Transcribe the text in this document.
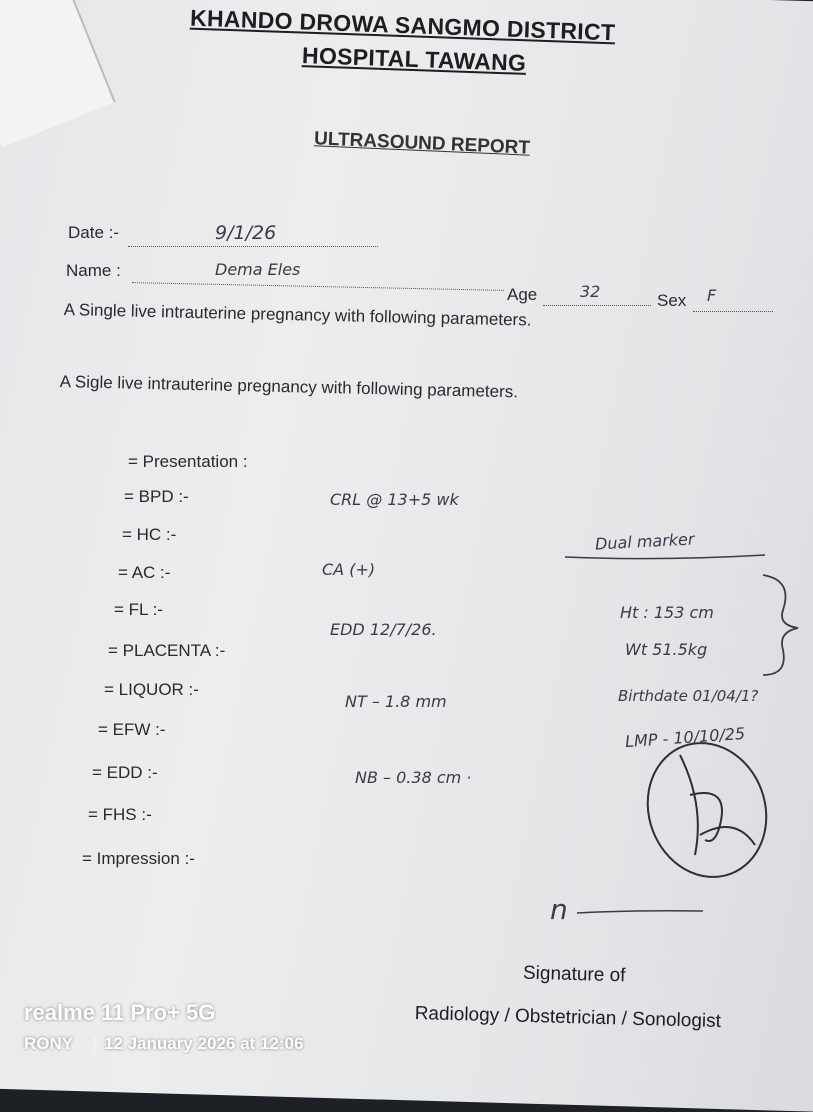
KHANDO DROWA SANGMO DISTRICT
HOSPITAL TAWANG
ULTRASOUND REPORT
Date :-	9/1/26
Name :	Dema Eles
Age	32	Sex F
A Single live intrauterine pregnancy with following parameters.
A Sigle live intrauterine pregnancy with following parameters.
= Presentation :
= BPD :-
= HC :-
= AC :-
= FL :-
= PLACENTA :-
= LIQUOR :-
= EFW :-
= EDD :-
= FHS :-
= Impression :-
CRL @ 13+5 wk
CA (+)
EDD 12/7/26.
NT – 1.8 mm
NB – 0.38 cm ·
Dual marker
Ht : 153 cm
Wt 51.5kg
Birthdate 01/04/1?
LMP - 10/10/25
n
Signature of
Radiology / Obstetrician / Sonologist
realme 11 Pro+ 5G
RONY 12 January 2026 at 12:06
